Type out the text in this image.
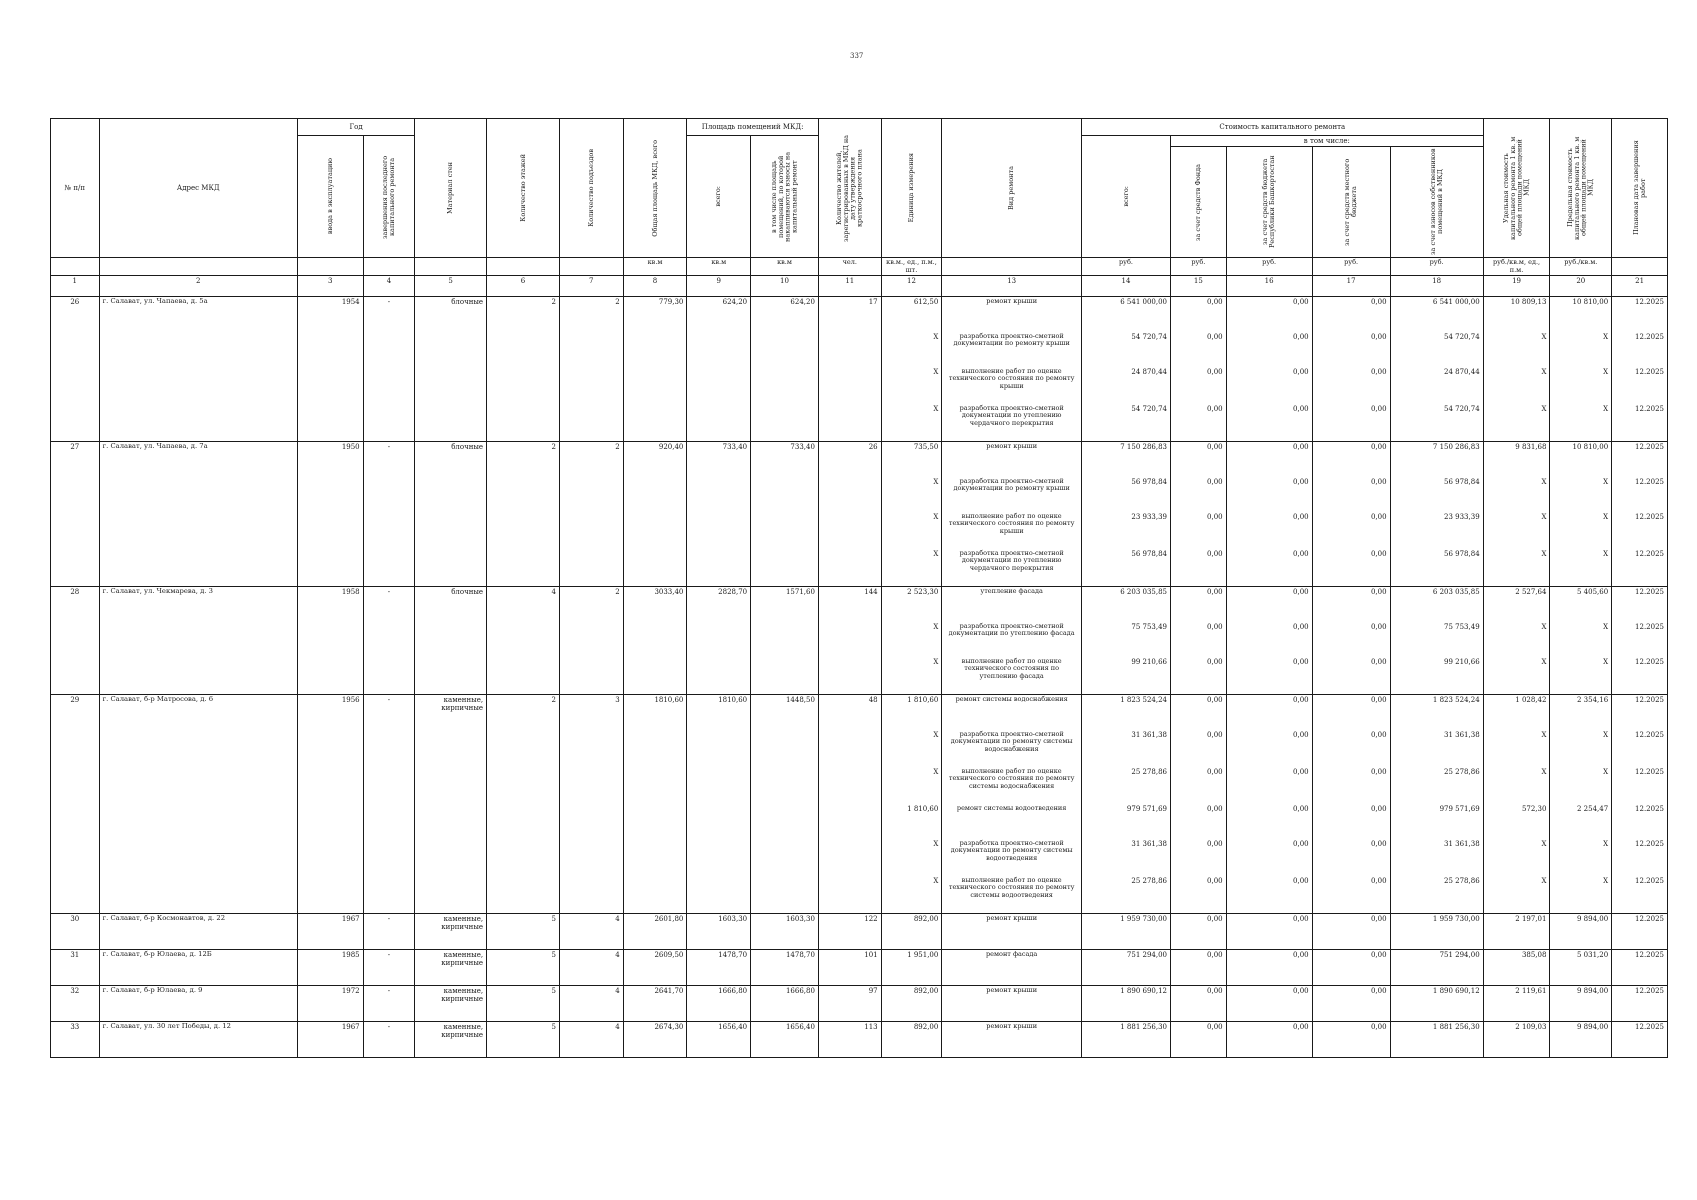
337
№ п/п	Адрес МКД	Год		Материал стен	Количество этажей	Количество подъездов	Общая площадь МКД, всего	Площадь помещений МКД:		Количество жителей, зарегистрированных в МКД на дату утверждения краткосрочного плана	Единица измерения	Вид ремонта	Стоимость капитального ремонта					Удельная стоимость капитального ремонта 1 кв. м общей площади помещений МКД	Предельная стоимость капитального ремонта 1 кв. м общей площади помещений МКД	Плановая дата завершения работ

		ввода в эксплуатацию	завершения последнего капитального ремонта					всего:	в том числе площадь помещений, по которой накапливаются взносы на капитальный ремонт				всего:	в том числе:						

														за счет средств Фонда	за счет средств бюджета Республики Башкортостан	за счет средств местного бюджета	за счет взносов собственников помещений в МКД			

							кв.м	кв.м	кв.м	чел.	кв.м., ед., п.м., шт.		руб.	руб.	руб.	руб.	руб.	руб./кв.м, ед., п.м.	руб./кв.м.	
1	2	3	4	5	6	7	8	9	10	11	12	13	14	15	16	17	18	19	20	21
26	г. Салават, ул. Чапаева, д. 5а	1954	-	блочные	2	2	779,30	624,20	624,20	17	612,50	ремонт крыши	6 541 000,00	0,00	0,00	0,00	6 541 000,00	10 809,13	10 810,00	12.2025
											X	разработка проектно-сметной документации по ремонту крыши	54 720,74	0,00	0,00	0,00	54 720,74	X	X	12.2025
											X	выполнение работ по оценке технического состояния по ремонту крыши	24 870,44	0,00	0,00	0,00	24 870,44	X	X	12.2025
											X	разработка проектно-сметной документации по утеплению чердачного перекрытия	54 720,74	0,00	0,00	0,00	54 720,74	X	X	12.2025
27	г. Салават, ул. Чапаева, д. 7а	1950	-	блочные	2	2	920,40	733,40	733,40	26	735,50	ремонт крыши	7 150 286,83	0,00	0,00	0,00	7 150 286,83	9 831,68	10 810,00	12.2025
											X	разработка проектно-сметной документации по ремонту крыши	56 978,84	0,00	0,00	0,00	56 978,84	X	X	12.2025
											X	выполнение работ по оценке технического состояния по ремонту крыши	23 933,39	0,00	0,00	0,00	23 933,39	X	X	12.2025
											X	разработка проектно-сметной документации по утеплению чердачного перекрытия	56 978,84	0,00	0,00	0,00	56 978,84	X	X	12.2025
28	г. Салават, ул. Чекмарева, д. 3	1958	-	блочные	4	2	3033,40	2828,70	1571,60	144	2 523,30	утепление фасада	6 203 035,85	0,00	0,00	0,00	6 203 035,85	2 527,64	5 405,60	12.2025
											X	разработка проектно-сметной документации по утеплению фасада	75 753,49	0,00	0,00	0,00	75 753,49	X	X	12.2025
											X	выполнение работ по оценке технического состояния по утеплению фасада	99 210,66	0,00	0,00	0,00	99 210,66	X	X	12.2025
29	г. Салават, б-р Матросова, д. 6	1956	-	каменные, кирпичные	2	3	1810,60	1810,60	1448,50	48	1 810,60	ремонт системы водоснабжения	1 823 524,24	0,00	0,00	0,00	1 823 524,24	1 028,42	2 354,16	12.2025
											X	разработка проектно-сметной документации по ремонту системы водоснабжения	31 361,38	0,00	0,00	0,00	31 361,38	X	X	12.2025
											X	выполнение работ по оценке технического состояния по ремонту системы водоснабжения	25 278,86	0,00	0,00	0,00	25 278,86	X	X	12.2025
											1 810,60	ремонт системы водоотведения	979 571,69	0,00	0,00	0,00	979 571,69	572,30	2 254,47	12.2025
											X	разработка проектно-сметной документации по ремонту системы водоотведения	31 361,38	0,00	0,00	0,00	31 361,38	X	X	12.2025
											X	выполнение работ по оценке технического состояния по ремонту системы водоотведения	25 278,86	0,00	0,00	0,00	25 278,86	X	X	12.2025
30	г. Салават, б-р Космонавтов, д. 22	1967	-	каменные, кирпичные	5	4	2601,80	1603,30	1603,30	122	892,00	ремонт крыши	1 959 730,00	0,00	0,00	0,00	1 959 730,00	2 197,01	9 894,00	12.2025
31	г. Салават, б-р Юлаева, д. 12Б	1985	-	каменные, кирпичные	5	4	2609,50	1478,70	1478,70	101	1 951,00	ремонт фасада	751 294,00	0,00	0,00	0,00	751 294,00	385,08	5 031,20	12.2025
32	г. Салават, б-р Юлаева, д. 9	1972	-	каменные, кирпичные	5	4	2641,70	1666,80	1666,80	97	892,00	ремонт крыши	1 890 690,12	0,00	0,00	0,00	1 890 690,12	2 119,61	9 894,00	12.2025
33	г. Салават, ул. 30 лет Победы, д. 12	1967	-	каменные, кирпичные	5	4	2674,30	1656,40	1656,40	113	892,00	ремонт крыши	1 881 256,30	0,00	0,00	0,00	1 881 256,30	2 109,03	9 894,00	12.2025
